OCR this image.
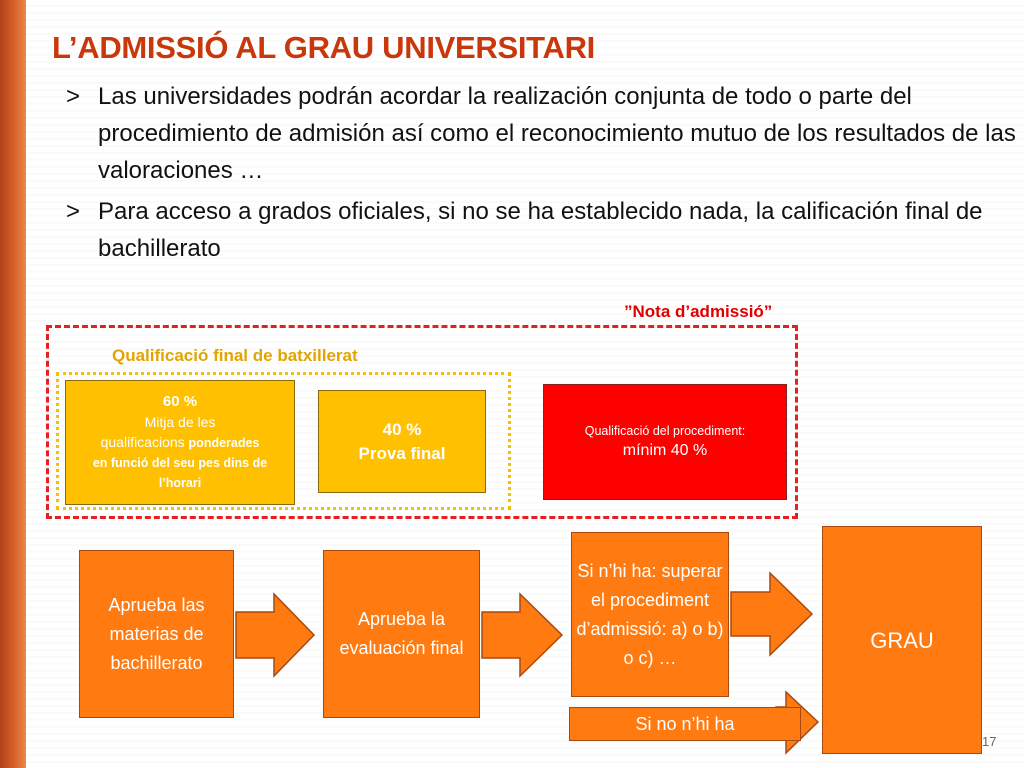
L’ADMISSIÓ AL GRAU UNIVERSITARI
> Las universidades podrán acordar la realización conjunta de todo o parte del procedimiento de admisión así como el reconocimiento mutuo de los resultados de las valoraciones …
> Para acceso a grados oficiales, si no se ha establecido nada, la calificación final de bachillerato
”Nota d’admissió”
Qualificació final de batxillerat
60 %
Mitja de les
qualificacions ponderades
en funció del seu pes dins de
l’horari
40 %
Prova final
Qualificació del procediment:
mínim 40 %
Aprueba las materias de bachillerato
Aprueba la evaluación final
Si n’hi ha: superar el procediment d’admissió: a) o b) o c) …
Si no n’hi ha
GRAU
17
